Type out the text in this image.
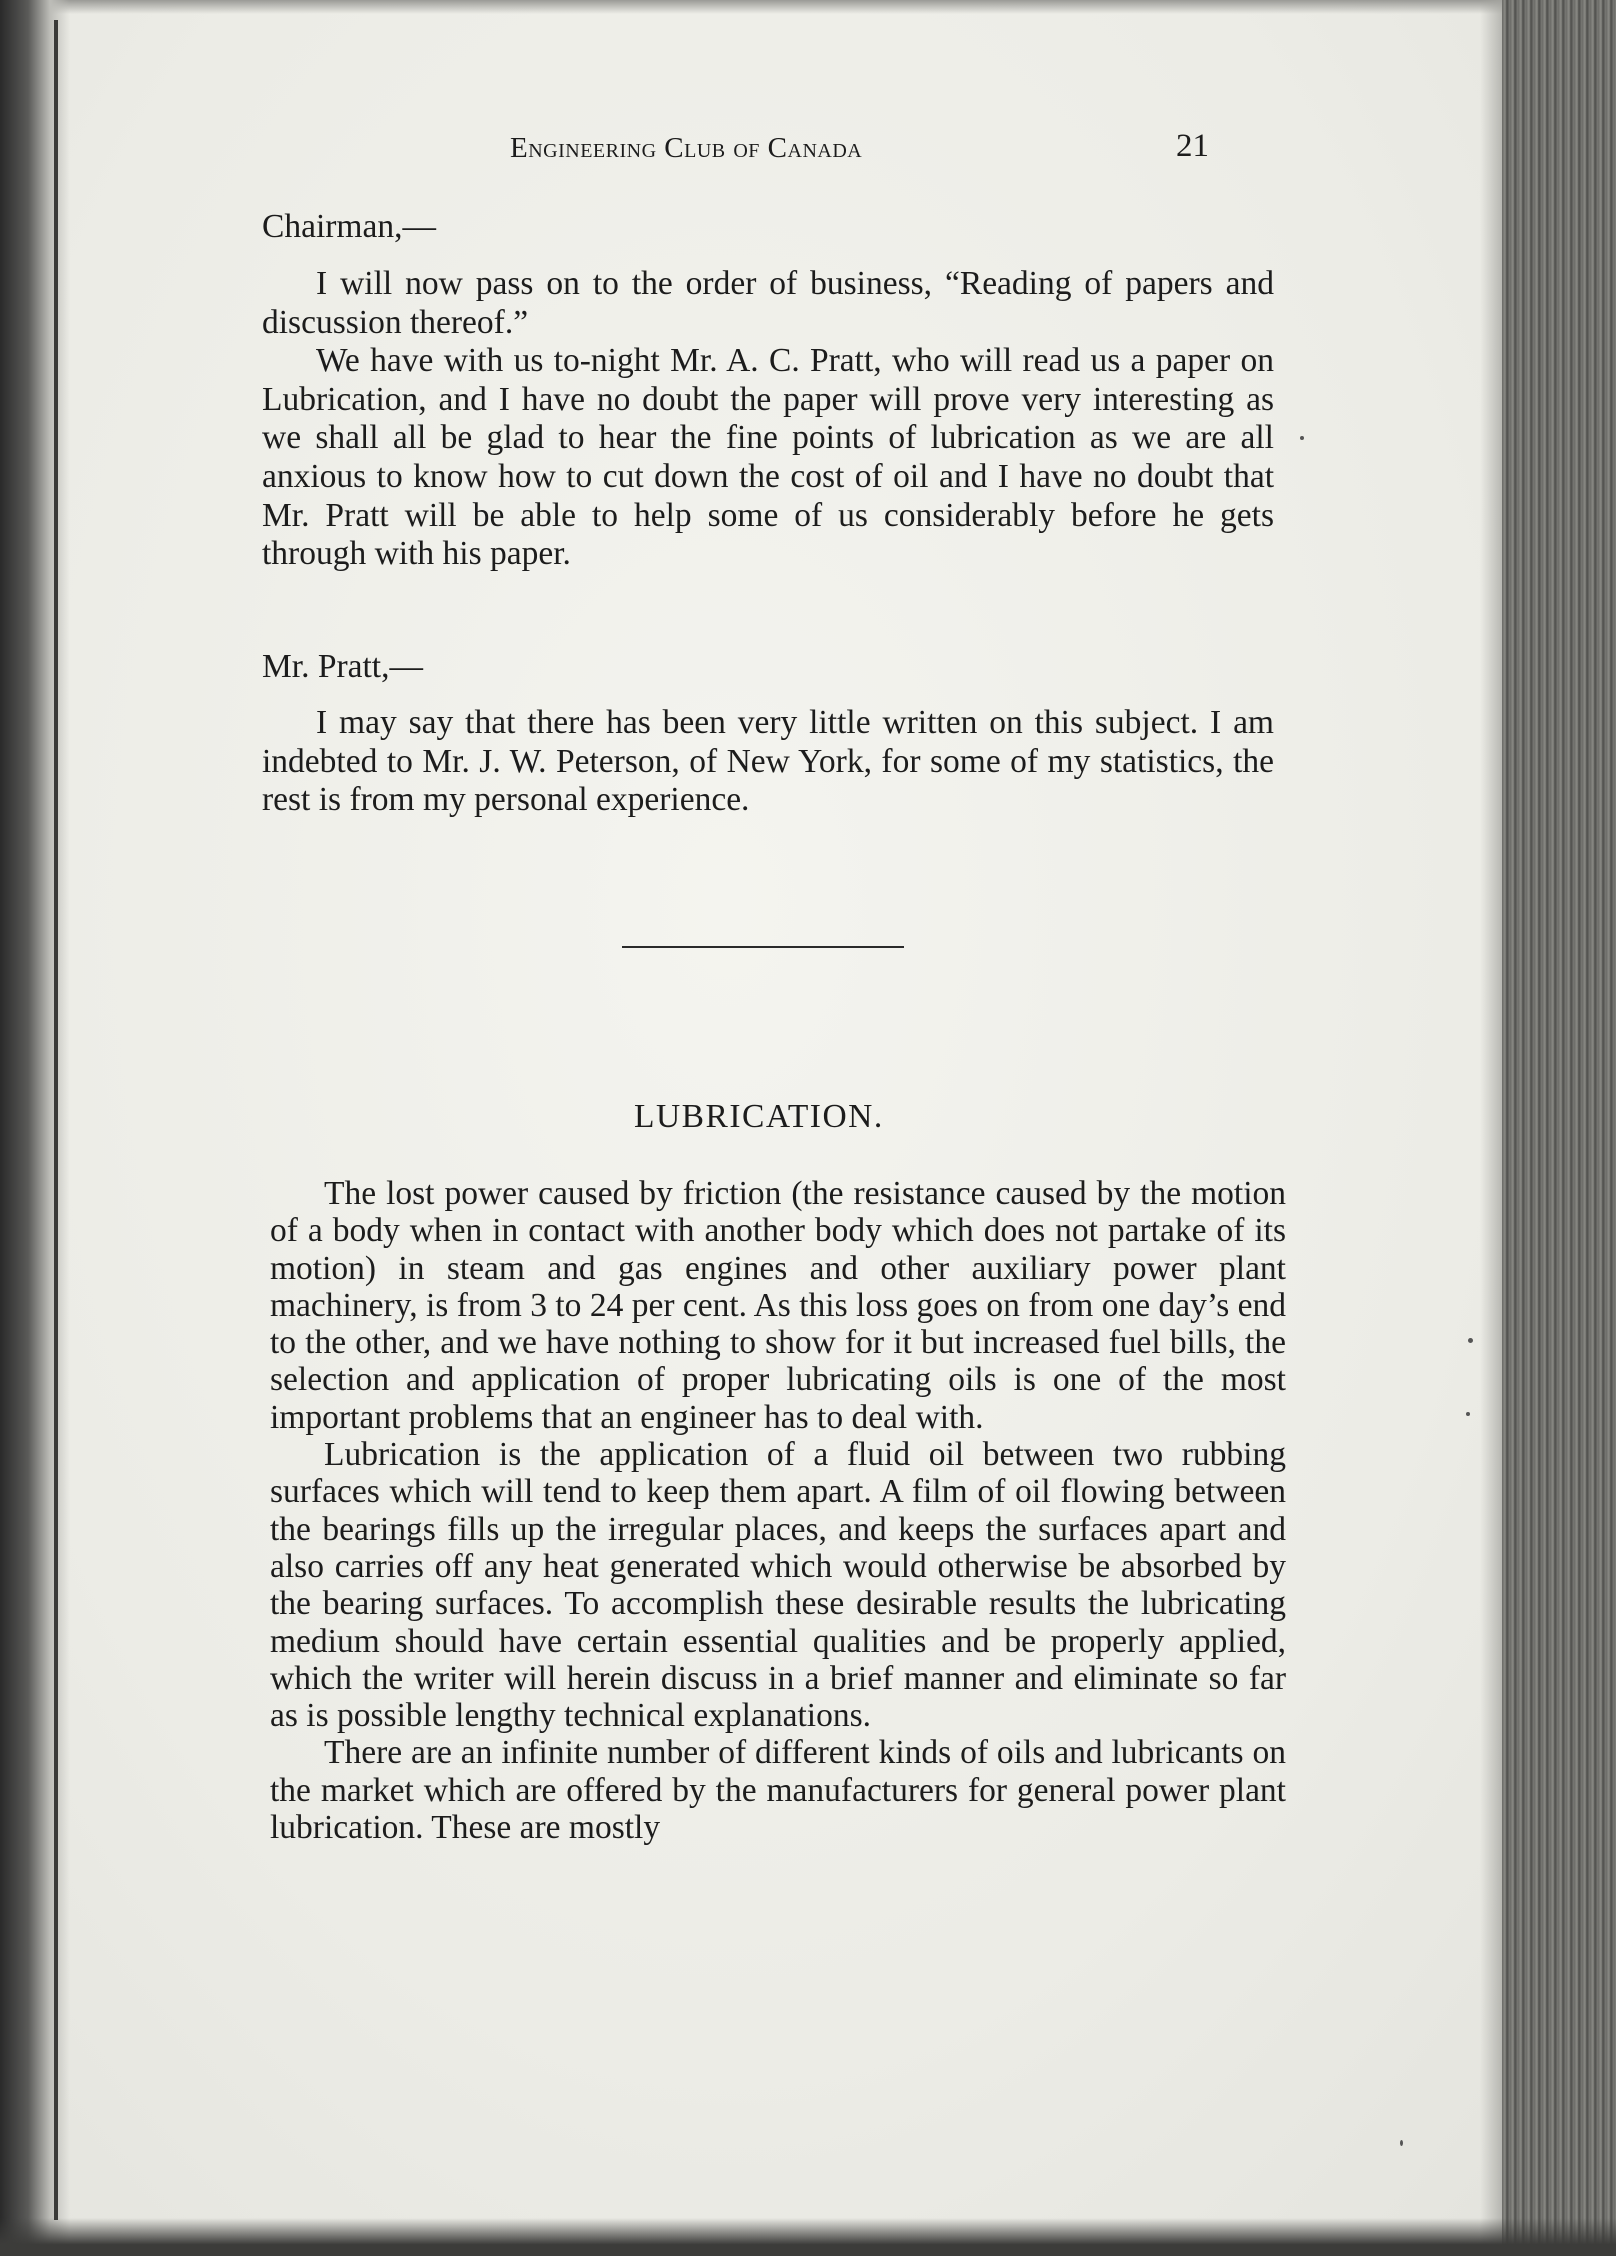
Engineering Club of Canada	21
Chairman,—

I will now pass on to the order of business, “Reading of papers and discussion thereof.”

We have with us to-night Mr. A. C. Pratt, who will read us a paper on Lubrication, and I have no doubt the paper will prove very interesting as we shall all be glad to hear the fine points of lubrication as we are all anxious to know how to cut down the cost of oil and I have no doubt that Mr. Pratt will be able to help some of us considerably before he gets through with his paper.

Mr. Pratt,—

I may say that there has been very little written on this subject. I am indebted to Mr. J. W. Peterson, of New York, for some of my statistics, the rest is from my personal experience.

LUBRICATION.

The lost power caused by friction (the resistance caused by the motion of a body when in contact with another body which does not partake of its motion) in steam and gas engines and other auxiliary power plant machinery, is from 3 to 24 per cent. As this loss goes on from one day’s end to the other, and we have nothing to show for it but increased fuel bills, the selection and application of proper lubricating oils is one of the most important problems that an engineer has to deal with.

Lubrication is the application of a fluid oil between two rubbing surfaces which will tend to keep them apart. A film of oil flowing between the bearings fills up the irregular places, and keeps the surfaces apart and also carries off any heat generated which would otherwise be absorbed by the bearing surfaces. To accomplish these desirable results the lubricating medium should have certain essential qualities and be properly applied, which the writer will herein discuss in a brief manner and eliminate so far as is possible lengthy technical explanations.

There are an infinite number of different kinds of oils and lubricants on the market which are offered by the manufacturers for general power plant lubrication. These are mostly
